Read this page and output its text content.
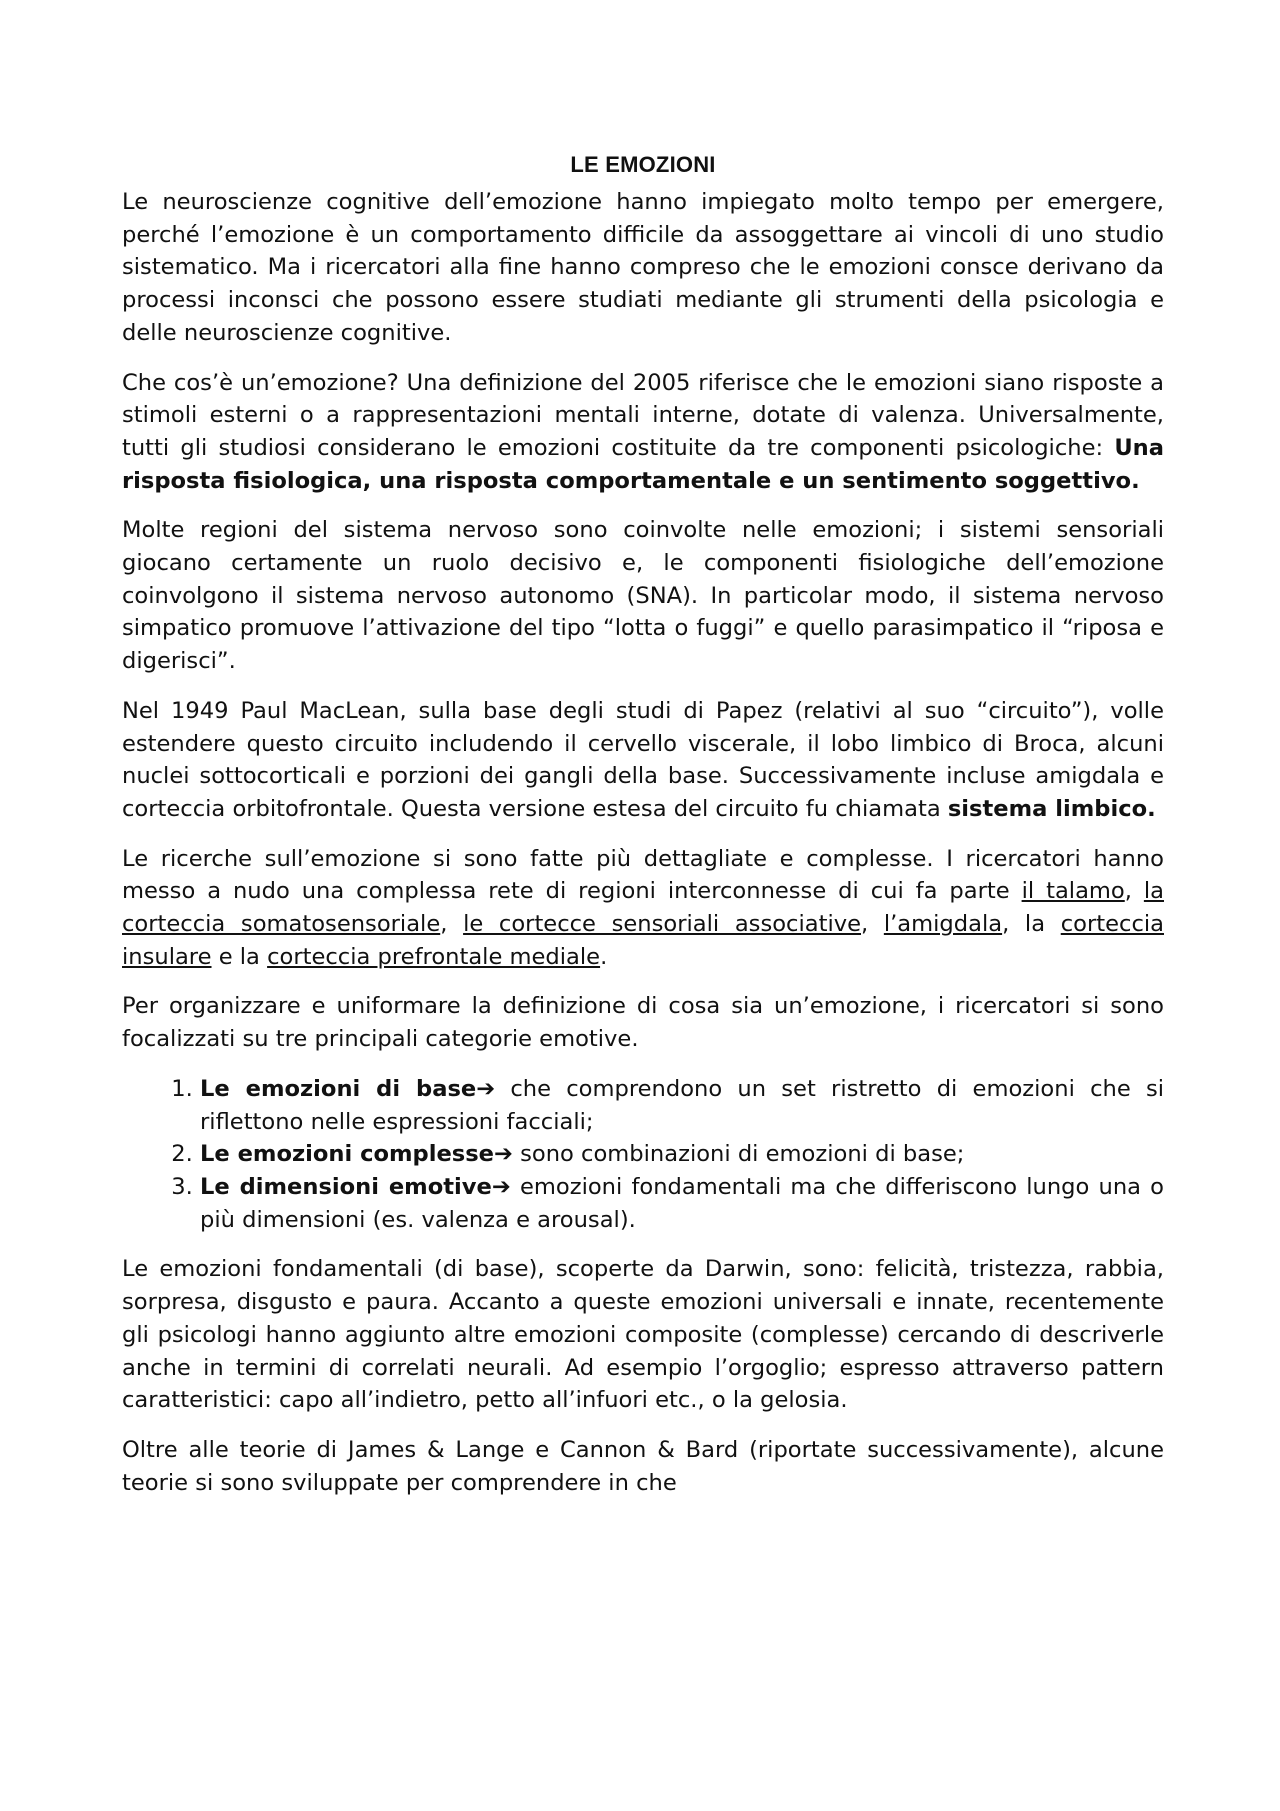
LE EMOZIONI

Le neuroscienze cognitive dell’emozione hanno impiegato molto tempo per emergere, perché l’emozione è un comportamento difficile da assoggettare ai vincoli di uno studio sistematico. Ma i ricercatori alla fine hanno compreso che le emozioni consce derivano da processi inconsci che possono essere studiati mediante gli strumenti della psicologia e delle neuroscienze cognitive.

Che cos’è un’emozione? Una definizione del 2005 riferisce che le emozioni siano risposte a stimoli esterni o a rappresentazioni mentali interne, dotate di valenza. Universalmente, tutti gli studiosi considerano le emozioni costituite da tre componenti psicologiche: Una risposta fisiologica, una risposta comportamentale e un sentimento soggettivo.

Molte regioni del sistema nervoso sono coinvolte nelle emozioni; i sistemi sensoriali giocano certamente un ruolo decisivo e, le componenti fisiologiche dell’emozione coinvolgono il sistema nervoso autonomo (SNA). In particolar modo, il sistema nervoso simpatico promuove l’attivazione del tipo “lotta o fuggi” e quello parasimpatico il “riposa e digerisci”.

Nel 1949 Paul MacLean, sulla base degli studi di Papez (relativi al suo “circuito”), volle estendere questo circuito includendo il cervello viscerale, il lobo limbico di Broca, alcuni nuclei sottocorticali e porzioni dei gangli della base. Successivamente incluse amigdala e corteccia orbitofrontale. Questa versione estesa del circuito fu chiamata sistema limbico.

Le ricerche sull’emozione si sono fatte più dettagliate e complesse. I ricercatori hanno messo a nudo una complessa rete di regioni interconnesse di cui fa parte il talamo, la corteccia somatosensoriale, le cortecce sensoriali associative, l’amigdala, la corteccia insulare e la corteccia prefrontale mediale.

Per organizzare e uniformare la definizione di cosa sia un’emozione, i ricercatori si sono focalizzati su tre principali categorie emotive.

1. Le emozioni di base➔ che comprendono un set ristretto di emozioni che si riflettono nelle espressioni facciali;
2. Le emozioni complesse➔ sono combinazioni di emozioni di base;
3. Le dimensioni emotive➔ emozioni fondamentali ma che differiscono lungo una o più dimensioni (es. valenza e arousal).

Le emozioni fondamentali (di base), scoperte da Darwin, sono: felicità, tristezza, rabbia, sorpresa, disgusto e paura. Accanto a queste emozioni universali e innate, recentemente gli psicologi hanno aggiunto altre emozioni composite (complesse) cercando di descriverle anche in termini di correlati neurali. Ad esempio l’orgoglio; espresso attraverso pattern caratteristici: capo all’indietro, petto all’infuori etc., o la gelosia.

Oltre alle teorie di James & Lange e Cannon & Bard (riportate successivamente), alcune teorie si sono sviluppate per comprendere in che
